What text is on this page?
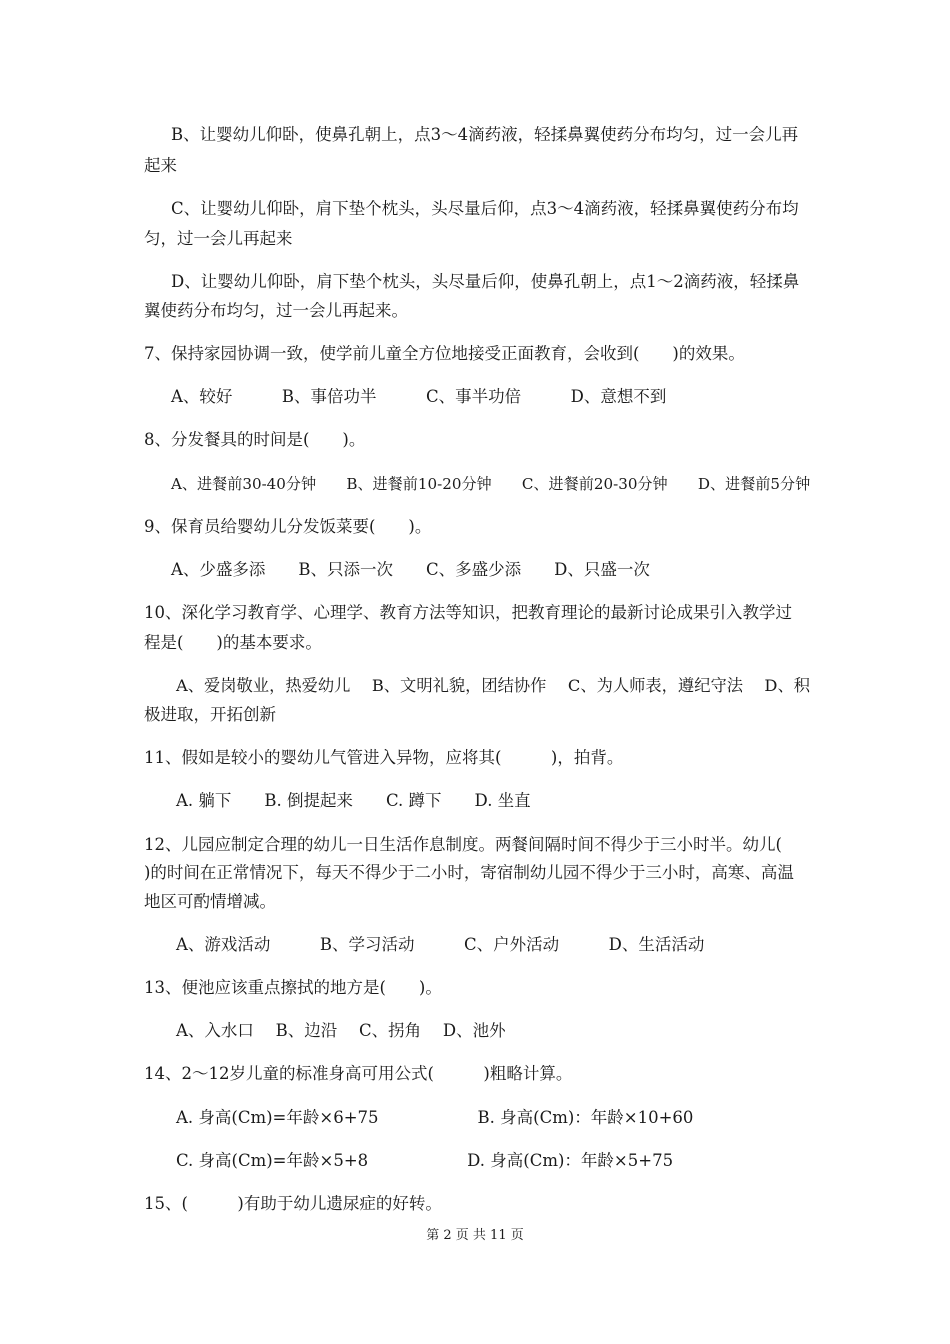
B、让婴幼儿仰卧，使鼻孔朝上，点3～4滴药液，轻揉鼻翼使药分布均匀，过一会儿再
起来
C、让婴幼儿仰卧，肩下垫个枕头，头尽量后仰，点3～4滴药液，轻揉鼻翼使药分布均
匀，过一会儿再起来
D、让婴幼儿仰卧，肩下垫个枕头，头尽量后仰，使鼻孔朝上，点1～2滴药液，轻揉鼻
翼使药分布均匀，过一会儿再起来。
7、保持家园协调一致，使学前儿童全方位地接受正面教育，会收到(　　)的效果。
A、较好　　　B、事倍功半　　　C、事半功倍　　　D、意想不到
8、分发餐具的时间是(　　)。
A、进餐前30-40分钟　　B、进餐前10-20分钟　　C、进餐前20-30分钟　　D、进餐前5分钟
9、保育员给婴幼儿分发饭菜要(　　)。
A、少盛多添　　B、只添一次　　C、多盛少添　　D、只盛一次
10、深化学习教育学、心理学、教育方法等知识，把教育理论的最新讨论成果引入教学过
程是(　　)的基本要求。
A、爱岗敬业，热爱幼儿　 B、文明礼貌，团结协作　 C、为人师表，遵纪守法　 D、积
极进取，开拓创新
11、假如是较小的婴幼儿气管进入异物，应将其(　　　)，拍背。
A. 躺下　　B. 倒提起来　　C. 蹲下　　D. 坐直
12、儿园应制定合理的幼儿一日生活作息制度。两餐间隔时间不得少于三小时半。幼儿(
)的时间在正常情况下，每天不得少于二小时，寄宿制幼儿园不得少于三小时，高寒、高温
地区可酌情增减。
A、游戏活动　　　B、学习活动　　　C、户外活动　　　D、生活活动
13、便池应该重点擦拭的地方是(　　)。
A、入水口　 B、边沿　 C、拐角　 D、池外
14、2～12岁儿童的标准身高可用公式(　　　)粗略计算。
A. 身高(Cm)=年龄×6+75　　　　　　B. 身高(Cm)：年龄×10+60
C. 身高(Cm)=年龄×5+8　　　　　　D. 身高(Cm)：年龄×5+75
15、(　　　)有助于幼儿遗尿症的好转。
第 2 页 共 11 页
